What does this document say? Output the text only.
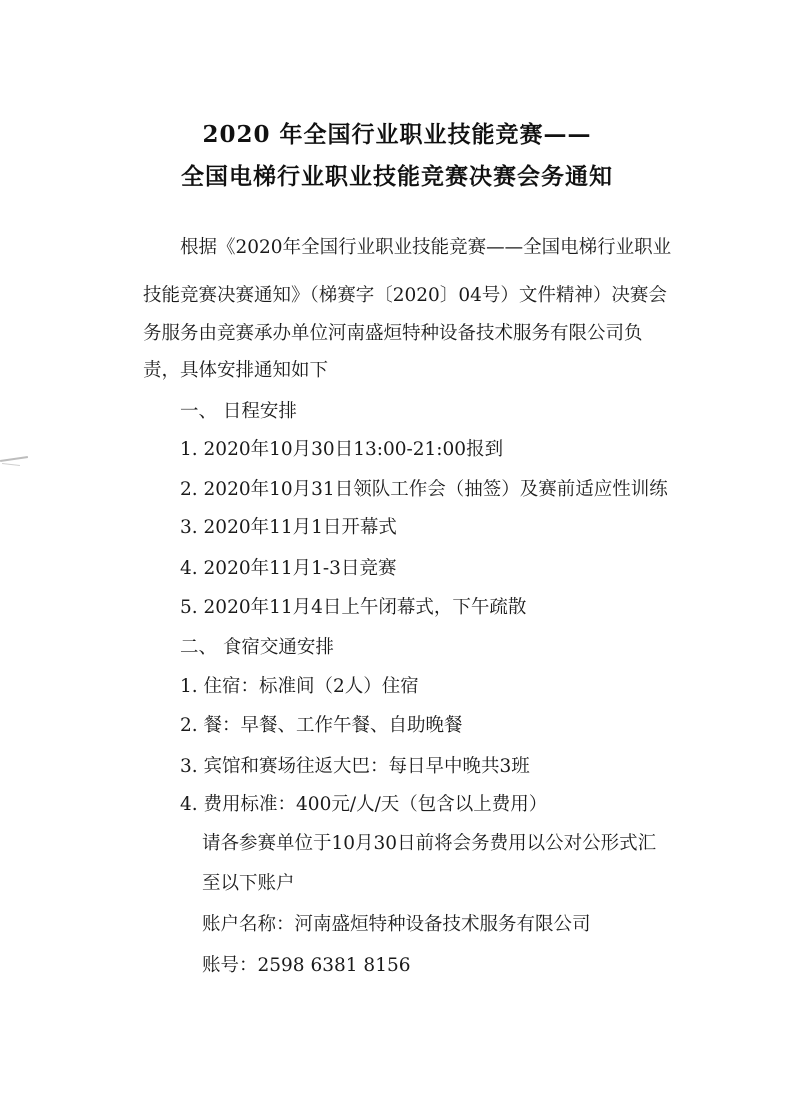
2020 年全国行业职业技能竞赛——
全国电梯行业职业技能竞赛决赛会务通知
根据《2020年全国行业职业技能竞赛——全国电梯行业职业
技能竞赛决赛通知》（梯赛字〔2020〕04号）文件精神）决赛会
务服务由竞赛承办单位河南盛烜特种设备技术服务有限公司负
责，具体安排通知如下
一、 日程安排
1. 2020年10月30日13:00-21:00报到
2. 2020年10月31日领队工作会（抽签）及赛前适应性训练
3. 2020年11月1日开幕式
4. 2020年11月1-3日竞赛
5. 2020年11月4日上午闭幕式，下午疏散
二、 食宿交通安排
1. 住宿：标准间（2人）住宿
2. 餐：早餐、工作午餐、自助晚餐
3. 宾馆和赛场往返大巴：每日早中晚共3班
4. 费用标准：400元/人/天（包含以上费用）
请各参赛单位于10月30日前将会务费用以公对公形式汇
至以下账户
账户名称：河南盛烜特种设备技术服务有限公司
账号：2598 6381 8156
